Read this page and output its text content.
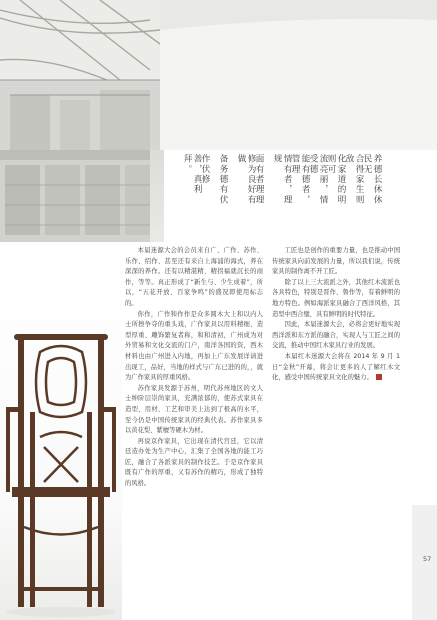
养德长休休民无
合得家生则敌
化家道的明则可
流亮丽，情受德
能有德者，管理
情有者，理规
面有者理理
修为良好有做
备务德有伏
作伏修
善，真利拜。

本届迷源大会的会员来自广、广作、苏作、乐作、绍作、甚至还有来自上海浦的海式，养在深深的养作。还有以精湛精、精拐福就沉长的商作，等等。真正形成了“新生与、少生成着”，所以，“五花开放、百家争鸣”的盛况即使用标志的。

你作，广作和作作是众多圆木大上和以内人士所擦争夺的重头戏，广作家具以用料精细、造型厚重、雕饰繁复者称，和和清初，广州成为对外贸易和文化交流的门户，南洋各国的资，西木材料也由广州进入内地，再加上广东发展详请进出现工，品好，当地的样式与广东已进的的，，就为广作家具的厚重风格。

苏作家具发源于苏州，明代苏州地区的文人士绅阶层崇尚家具，充满浓郁的，使苏式家具在造型、用材、工艺和审美上达到了极高的水平，至今仍是中国传统家具的经典代表。苏作家具多以黄花梨、紫檀等硬木为材。

再说京作家具，它出现在清代宫廷，它以清廷造办处为生产中心，汇集了全国各地的能工巧匠，融合了各派家具的制作技艺。于是京作家具既有广作的厚重，又有苏作的精巧，形成了独特的风格。

工匠也是创作的重要力量，也是推动中国传统家具向前发展的力量，所以我们说，传统家具的制作离不开工匠。

除了以上三大流派之外，其他红木流派也各具特色，特别是晋作、鲁作等，有着鲜明的地方特色。例如海派家具融合了西洋风格，其造型中西合璧，具有鲜明的时代特征。

因此，本届迷源大会，必将会更好地实现西洋派和东方派的融合，实现人与工匠之间的交流，推动中国红木家具行业的发展。

本届红木迷源大会将在 2014 年 9 月 1 日“金秋”开幕，将会让更多的人了解红木文化，感受中国传统家具文化的魅力。

57
